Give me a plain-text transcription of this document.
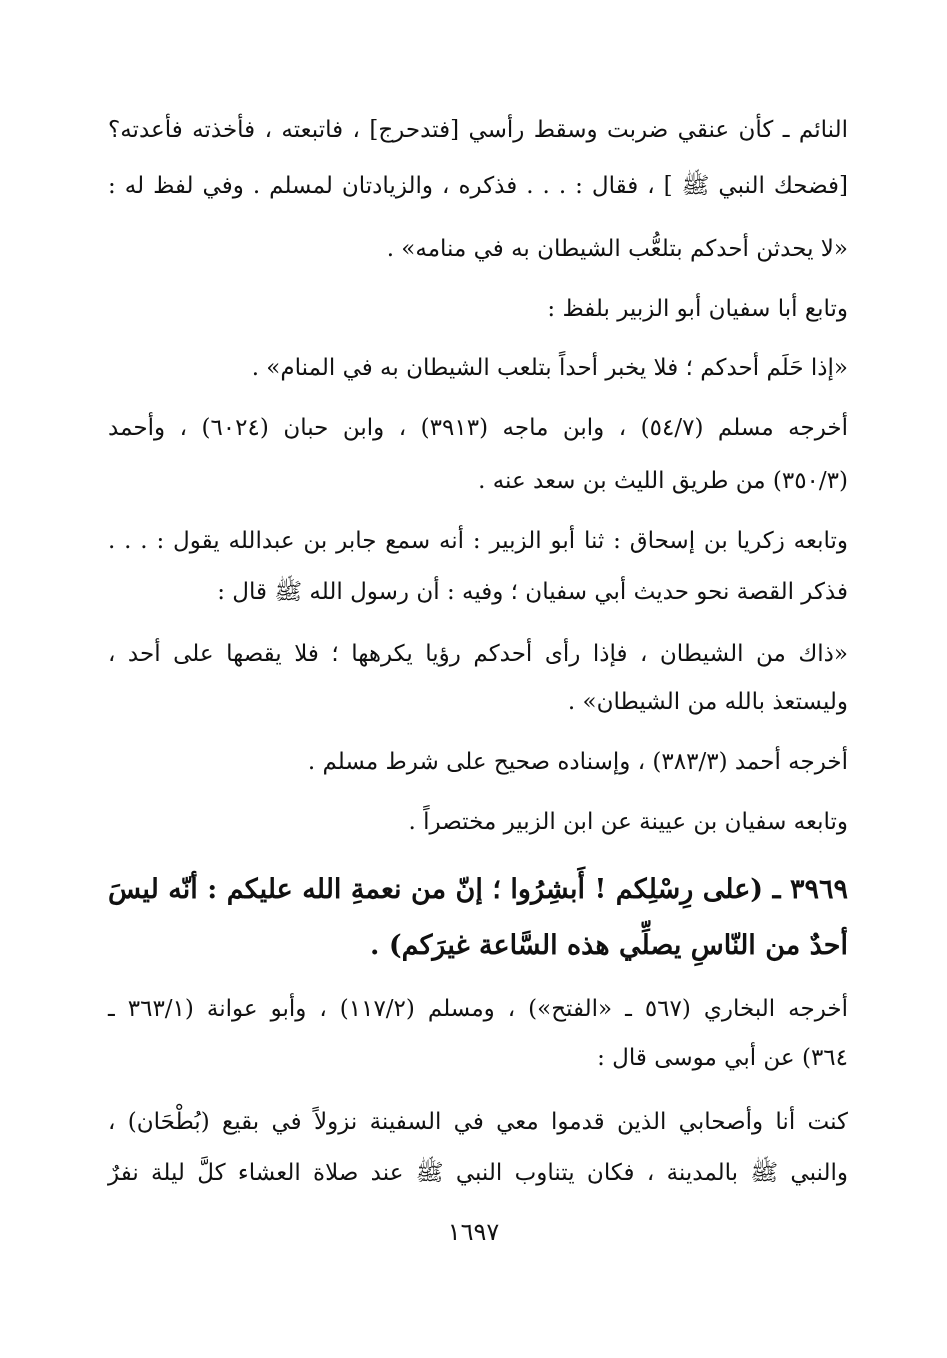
النائم ـ كأن عنقي ضربت وسقط رأسي [فتدحرج] ، فاتبعته ، فأخذته فأعدته؟
[فضحك النبي ﷺ ] ، فقال : . . . فذكره ، والزيادتان لمسلم . وفي لفظ له :
«لا يحدثن أحدكم بتلعُّب الشيطان به في منامه» .
وتابع أبا سفيان أبو الزبير بلفظ :
«إذا حَلَم أحدكم ؛ فلا يخبر أحداً بتلعب الشيطان به في المنام» .
أخرجه مسلم (٥٤/٧) ، وابن ماجه (٣٩١٣) ، وابن حبان (٦٠٢٤) ، وأحمد
(٣٥٠/٣) من طريق الليث بن سعد عنه .
وتابعه زكريا بن إسحاق : ثنا أبو الزبير : أنه سمع جابر بن عبدالله يقول : . . .
فذكر القصة نحو حديث أبي سفيان ؛ وفيه : أن رسول الله ﷺ قال :
«ذاك من الشيطان ، فإذا رأى أحدكم رؤيا يكرهها ؛ فلا يقصها على أحد ،
وليستعذ بالله من الشيطان» .
أخرجه أحمد (٣٨٣/٣) ، وإسناده صحيح على شرط مسلم .
وتابعه سفيان بن عيينة عن ابن الزبير مختصراً .
٣٩٦٩ ـ (على رِسْلِكم ! أَبشِرُوا ؛ إنّ من نعمةِ الله عليكم : أنّه ليسَ
أحدٌ من النّاسِ يصلِّي هذه السَّاعة غيرَكم) .
أخرجه البخاري (٥٦٧ ـ «الفتح») ، ومسلم (١١٧/٢) ، وأبو عوانة (٣٦٣/١ ـ
٣٦٤) عن أبي موسى قال :
كنت أنا وأصحابي الذين قدموا معي في السفينة نزولاً في بقيع (بُطْحَان) ،
والنبي ﷺ بالمدينة ، فكان يتناوب النبي ﷺ عند صلاة العشاء كلَّ ليلة نفرٌ
١٦٩٧
